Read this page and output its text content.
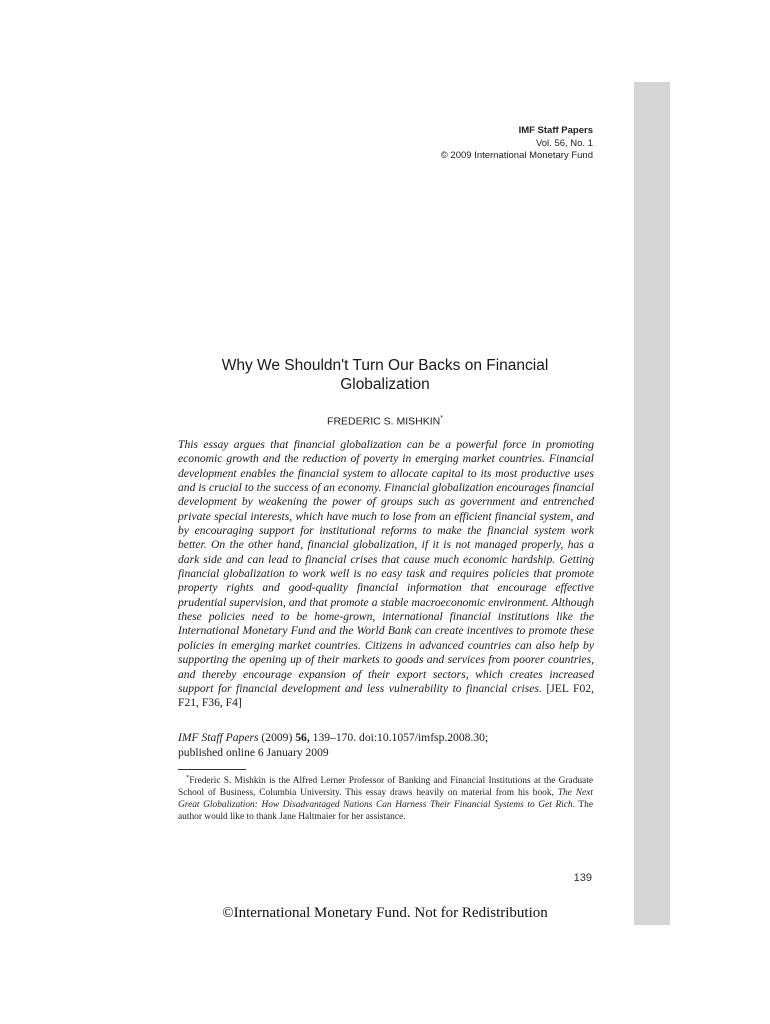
IMF Staff Papers
Vol. 56, No. 1
© 2009 International Monetary Fund
Why We Shouldn't Turn Our Backs on Financial Globalization
FREDERIC S. MISHKIN*
This essay argues that financial globalization can be a powerful force in promoting economic growth and the reduction of poverty in emerging market countries. Financial development enables the financial system to allocate capital to its most productive uses and is crucial to the success of an economy. Financial globalization encourages financial development by weakening the power of groups such as government and entrenched private special interests, which have much to lose from an efficient financial system, and by encouraging support for institutional reforms to make the financial system work better. On the other hand, financial globalization, if it is not managed properly, has a dark side and can lead to financial crises that cause much economic hardship. Getting financial globalization to work well is no easy task and requires policies that promote property rights and good-quality financial information that encourage effective prudential supervision, and that promote a stable macroeconomic environment. Although these policies need to be home-grown, international financial institutions like the International Monetary Fund and the World Bank can create incentives to promote these policies in emerging market countries. Citizens in advanced countries can also help by supporting the opening up of their markets to goods and services from poorer countries, and thereby encourage expansion of their export sectors, which creates increased support for financial development and less vulnerability to financial crises. [JEL F02, F21, F36, F4]
IMF Staff Papers (2009) 56, 139–170. doi:10.1057/imfsp.2008.30;
published online 6 January 2009
*Frederic S. Mishkin is the Alfred Lerner Professor of Banking and Financial Institutions at the Graduate School of Business, Columbia University. This essay draws heavily on material from his book, The Next Great Globalization: How Disadvantaged Nations Can Harness Their Financial Systems to Get Rich. The author would like to thank Jane Haltmaier for her assistance.
139
©International Monetary Fund. Not for Redistribution
